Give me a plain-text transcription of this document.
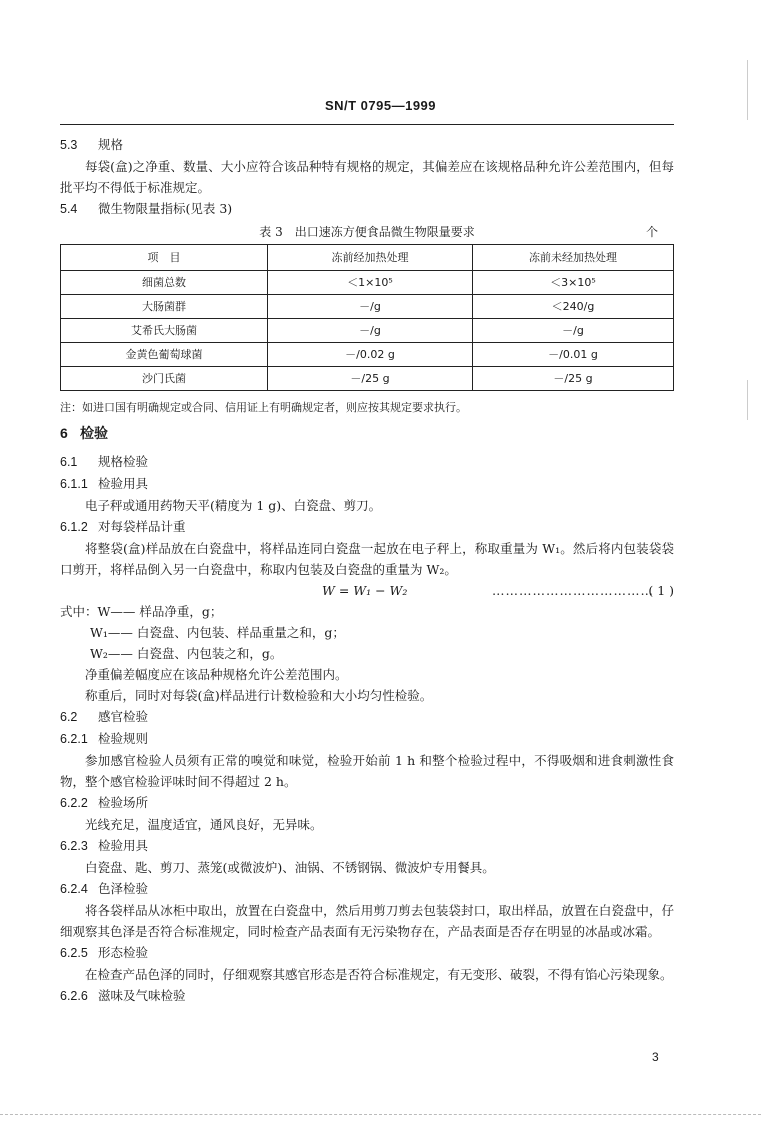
SN/T 0795—1999
5.3 规格

每袋(盒)之净重、数量、大小应符合该品种特有规格的规定，其偏差应在该规格品种允许公差范围内，但每批平均不得低于标准规定。

5.4 微生物限量指标(见表 3)
表 3　出口速冻方便食品微生物限量要求	个
项　目	冻前经加热处理	冻前未经加热处理
细菌总数	＜1×10⁵	＜3×10⁵
大肠菌群	－/g	＜240/g
艾希氏大肠菌	－/g	－/g
金黄色葡萄球菌	－/0.02 g	－/0.01 g
沙门氏菌	－/25 g	－/25 g
注：如进口国有明确规定或合同、信用证上有明确规定者，则应按其规定要求执行。
6 检验
6.1 规格检验
6.1.1 检验用具

电子秤或通用药物天平(精度为 1 g)、白瓷盘、剪刀。

6.1.2 对每袋样品计重

将整袋(盒)样品放在白瓷盘中，将样品连同白瓷盘一起放在电子秤上，称取重量为 W₁。然后将内包装袋袋口剪开，将样品倒入另一白瓷盘中，称取内包装及白瓷盘的重量为 W₂。

W = W₁ − W₂	………………………………
( 1 )
式中：W—— 样品净重，g；
W₁—— 白瓷盘、内包装、样品重量之和，g；
W₂—— 白瓷盘、内包装之和，g。

净重偏差幅度应在该品种规格允许公差范围内。

称重后，同时对每袋(盒)样品进行计数检验和大小均匀性检验。

6.2 感官检验
6.2.1 检验规则

参加感官检验人员须有正常的嗅觉和味觉，检验开始前 1 h 和整个检验过程中，不得吸烟和进食刺激性食物，整个感官检验评味时间不得超过 2 h。

6.2.2 检验场所

光线充足，温度适宜，通风良好，无异味。

6.2.3 检验用具

白瓷盘、匙、剪刀、蒸笼(或微波炉)、油锅、不锈钢锅、微波炉专用餐具。

6.2.4 色泽检验

将各袋样品从冰柜中取出，放置在白瓷盘中，然后用剪刀剪去包装袋封口，取出样品，放置在白瓷盘中，仔细观察其色泽是否符合标准规定，同时检查产品表面有无污染物存在，产品表面是否存在明显的冰晶或冰霜。

6.2.5 形态检验

在检查产品色泽的同时，仔细观察其感官形态是否符合标准规定，有无变形、破裂，不得有馅心污染现象。

6.2.6 滋味及气味检验
3
